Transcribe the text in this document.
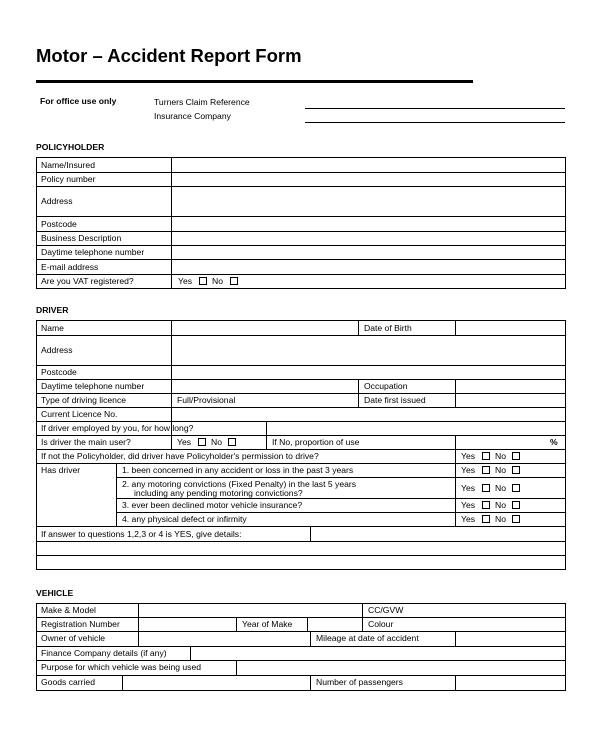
Motor – Accident Report Form
For office use only	Turners Claim Reference
Insurance Company
POLICYHOLDER
Name/Insured
Policy number
Address
Postcode
Business Description
Daytime telephone number
E-mail address
Are you VAT registered?	Yes No
DRIVER
Name	Date of Birth
Address
Postcode
Daytime telephone number	Occupation
Type of driving licence	Full/Provisional	Date first issued
Current Licence No.
If driver employed by you, for how long?
Is driver the main user?	Yes No	If No, proportion of use	%
If not the Policyholder, did driver have Policyholder's permission to drive?	Yes No
Has driver	1. been concerned in any accident or loss in the past 3 years	Yes No
2. any motoring convictions (Fixed Penalty) in the last 5 years
including any pending motoring convictions?	Yes No
3. ever been declined motor vehicle insurance?	Yes No
4. any physical defect or infirmity	Yes No
If answer to questions 1,2,3 or 4 is YES, give details:
VEHICLE
Make & Model	CC/GVW
Registration Number	Year of Make	Colour
Owner of vehicle	Mileage at date of accident
Finance Company details (if any)
Purpose for which vehicle was being used
Goods carried	Number of passengers
